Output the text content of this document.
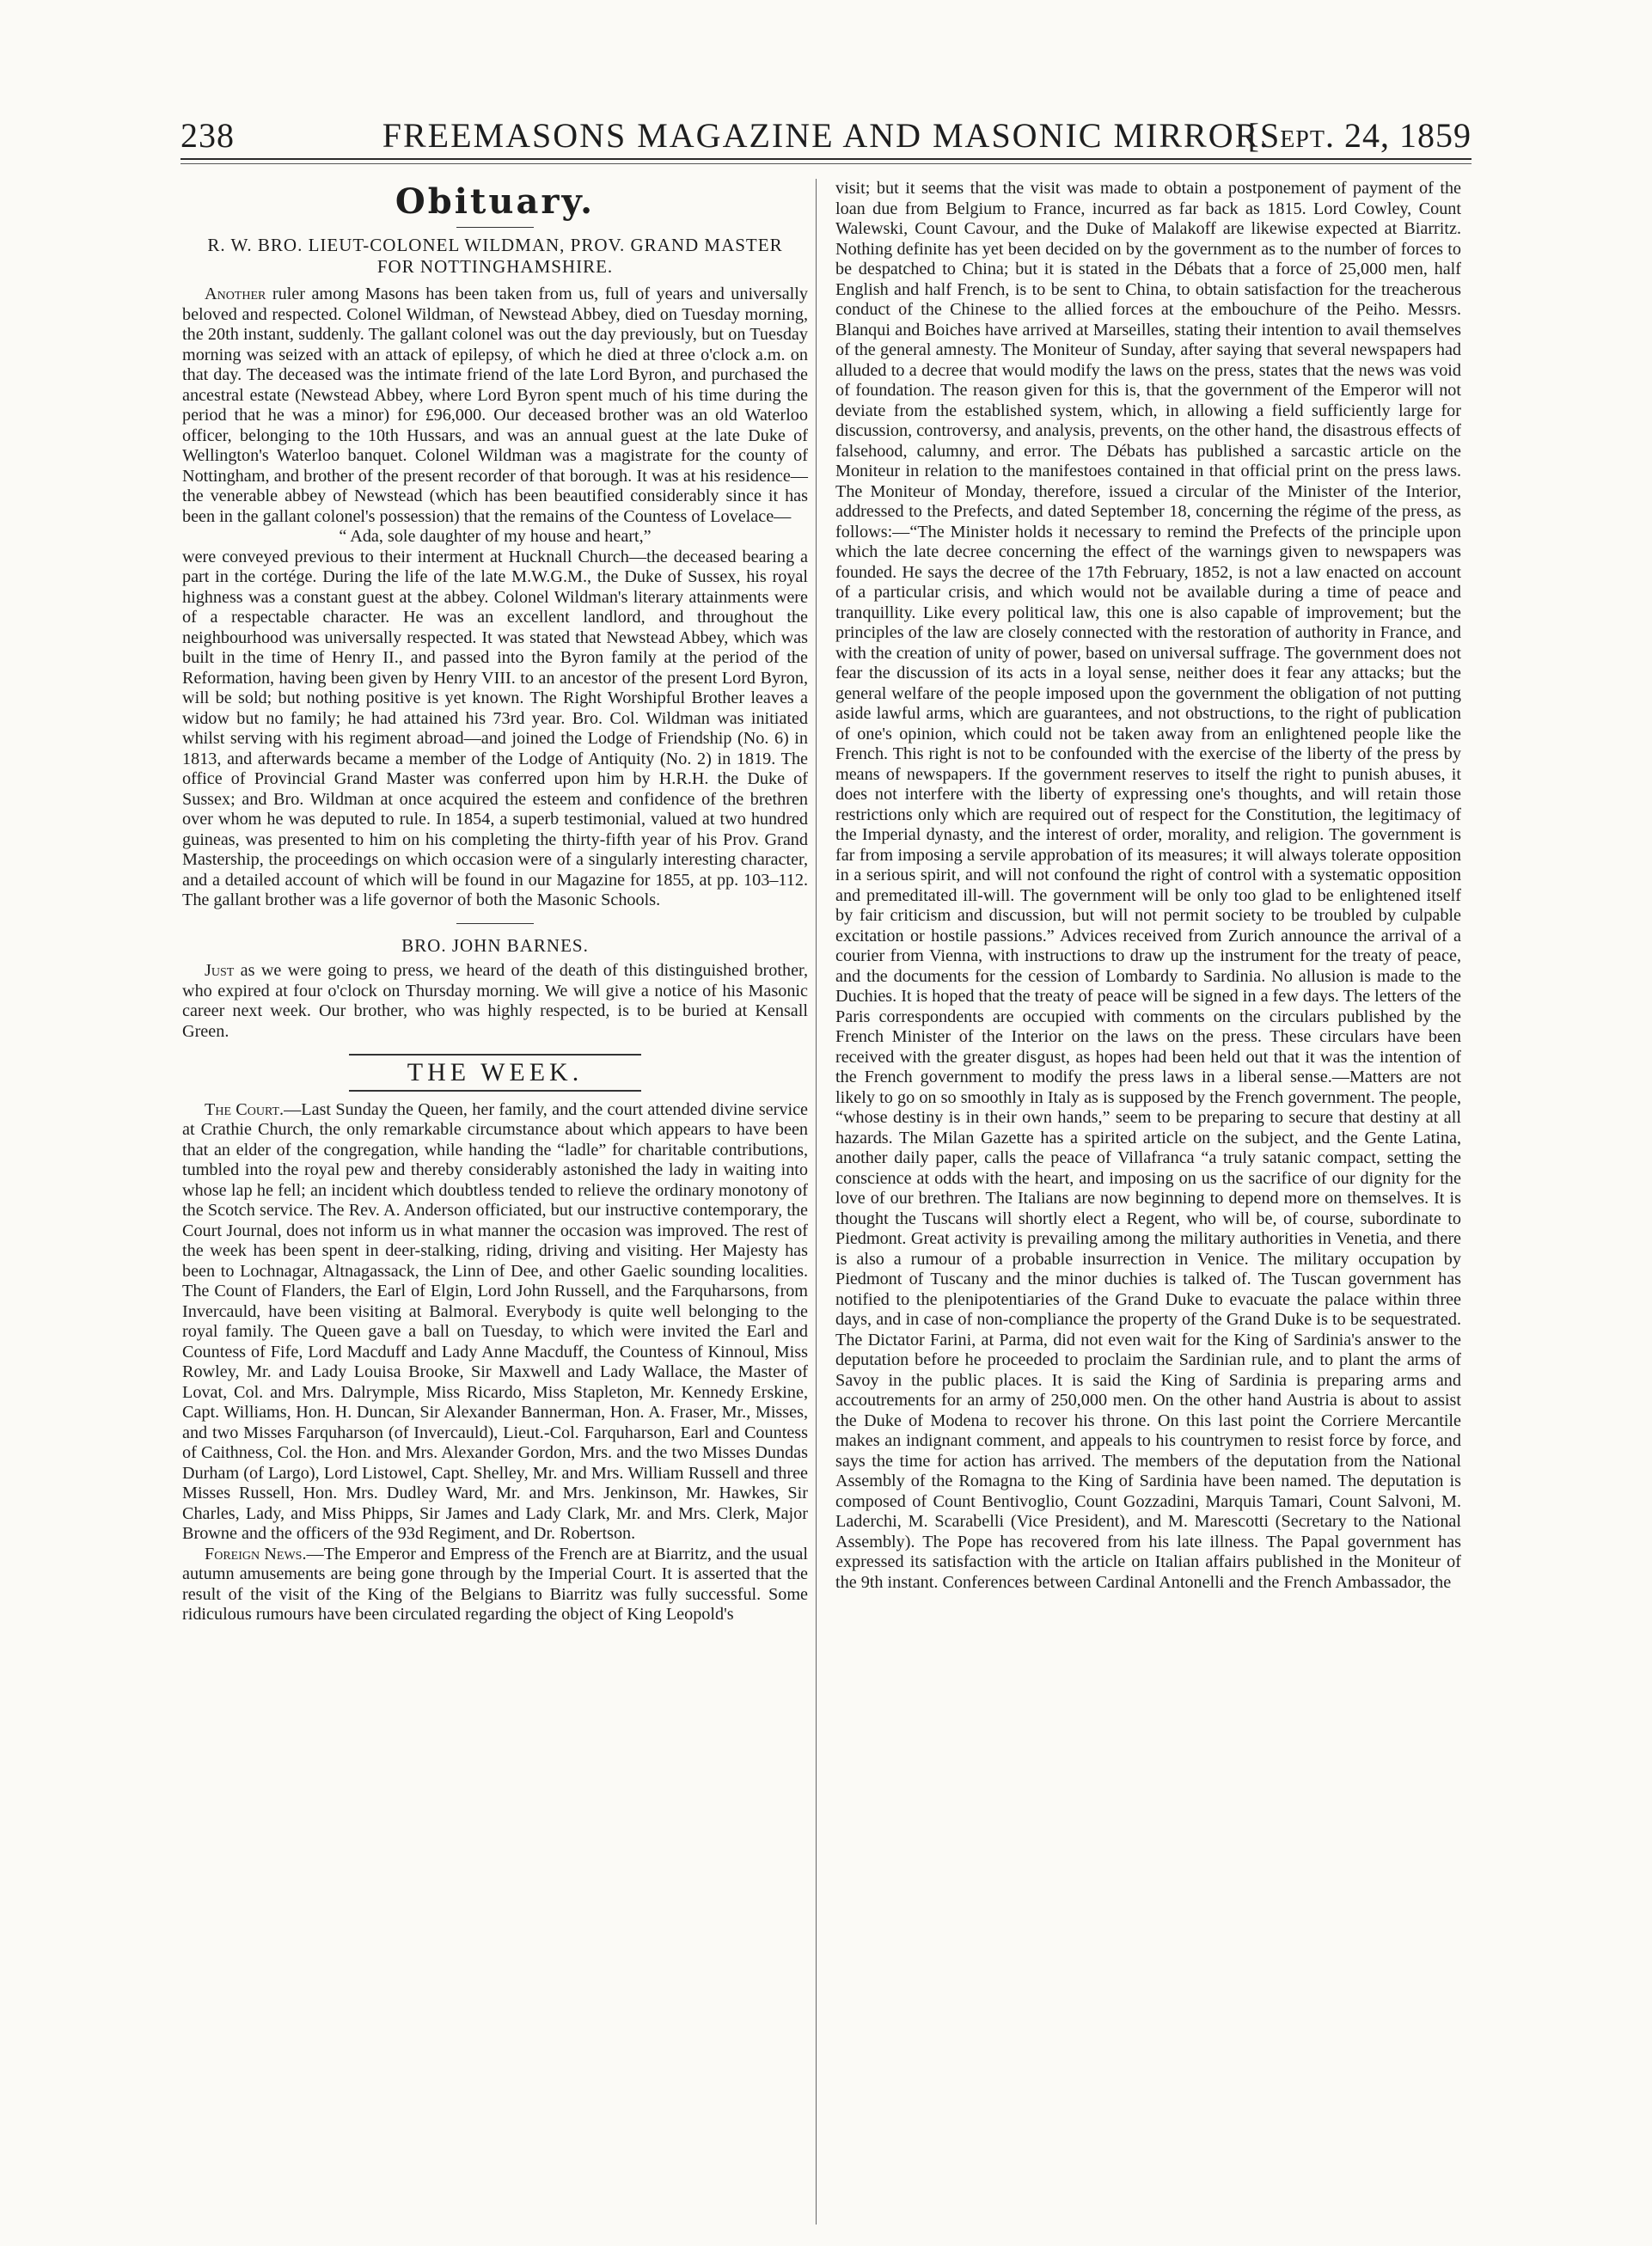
238	FREEMASONS MAGAZINE AND MASONIC MIRROR.
[Sept. 24, 1859
Obituary.
R. W. BRO. LIEUT-COLONEL WILDMAN, PROV. GRAND MASTER FOR NOTTINGHAMSHIRE.

Another ruler among Masons has been taken from us, full of years and universally beloved and respected. Colonel Wildman, of Newstead Abbey, died on Tuesday morning, the 20th instant, suddenly. The gallant colonel was out the day previously, but on Tuesday morning was seized with an attack of epilepsy, of which he died at three o'clock a.m. on that day. The deceased was the intimate friend of the late Lord Byron, and purchased the ancestral estate (Newstead Abbey, where Lord Byron spent much of his time during the period that he was a minor) for £96,000. Our deceased brother was an old Waterloo officer, belonging to the 10th Hussars, and was an annual guest at the late Duke of Wellington's Waterloo banquet. Colonel Wildman was a magistrate for the county of Nottingham, and brother of the present recorder of that borough. It was at his residence—the venerable abbey of Newstead (which has been beautified considerably since it has been in the gallant colonel's possession) that the remains of the Countess of Lovelace—

“ Ada, sole daughter of my house and heart,”

were conveyed previous to their interment at Hucknall Church—the deceased bearing a part in the cortége. During the life of the late M.W.G.M., the Duke of Sussex, his royal highness was a constant guest at the abbey. Colonel Wildman's literary attainments were of a respectable character. He was an excellent landlord, and throughout the neighbourhood was universally respected. It was stated that Newstead Abbey, which was built in the time of Henry II., and passed into the Byron family at the period of the Reformation, having been given by Henry VIII. to an ancestor of the present Lord Byron, will be sold; but nothing positive is yet known. The Right Worshipful Brother leaves a widow but no family; he had attained his 73rd year. Bro. Col. Wildman was initiated whilst serving with his regiment abroad—and joined the Lodge of Friendship (No. 6) in 1813, and afterwards became a member of the Lodge of Antiquity (No. 2) in 1819. The office of Provincial Grand Master was conferred upon him by H.R.H. the Duke of Sussex; and Bro. Wildman at once acquired the esteem and confidence of the brethren over whom he was deputed to rule. In 1854, a superb testimonial, valued at two hundred guineas, was presented to him on his completing the thirty-fifth year of his Prov. Grand Mastership, the proceedings on which occasion were of a singularly interesting character, and a detailed account of which will be found in our Magazine for 1855, at pp. 103–112. The gallant brother was a life governor of both the Masonic Schools.

BRO. JOHN BARNES.

Just as we were going to press, we heard of the death of this distinguished brother, who expired at four o'clock on Thursday morning. We will give a notice of his Masonic career next week. Our brother, who was highly respected, is to be buried at Kensall Green.

THE WEEK.

The Court.—Last Sunday the Queen, her family, and the court attended divine service at Crathie Church, the only remarkable circumstance about which appears to have been that an elder of the congregation, while handing the “ladle” for charitable contributions, tumbled into the royal pew and thereby considerably astonished the lady in waiting into whose lap he fell; an incident which doubtless tended to relieve the ordinary monotony of the Scotch service. The Rev. A. Anderson officiated, but our instructive contemporary, the Court Journal, does not inform us in what manner the occasion was improved. The rest of the week has been spent in deer-stalking, riding, driving and visiting. Her Majesty has been to Lochnagar, Altnagassack, the Linn of Dee, and other Gaelic sounding localities. The Count of Flanders, the Earl of Elgin, Lord John Russell, and the Farquharsons, from Invercauld, have been visiting at Balmoral. Everybody is quite well belonging to the royal family. The Queen gave a ball on Tuesday, to which were invited the Earl and Countess of Fife, Lord Macduff and Lady Anne Macduff, the Countess of Kinnoul, Miss Rowley, Mr. and Lady Louisa Brooke, Sir Maxwell and Lady Wallace, the Master of Lovat, Col. and Mrs. Dalrymple, Miss Ricardo, Miss Stapleton, Mr. Kennedy Erskine, Capt. Williams, Hon. H. Duncan, Sir Alexander Bannerman, Hon. A. Fraser, Mr., Misses, and two Misses Farquharson (of Invercauld), Lieut.-Col. Farquharson, Earl and Countess of Caithness, Col. the Hon. and Mrs. Alexander Gordon, Mrs. and the two Misses Dundas Durham (of Largo), Lord Listowel, Capt. Shelley, Mr. and Mrs. William Russell and three Misses Russell, Hon. Mrs. Dudley Ward, Mr. and Mrs. Jenkinson, Mr. Hawkes, Sir Charles, Lady, and Miss Phipps, Sir James and Lady Clark, Mr. and Mrs. Clerk, Major Browne and the officers of the 93d Regiment, and Dr. Robertson.

Foreign News.—The Emperor and Empress of the French are at Biarritz, and the usual autumn amusements are being gone through by the Imperial Court. It is asserted that the result of the visit of the King of the Belgians to Biarritz was fully successful. Some ridiculous rumours have been circulated regarding the object of King Leopold's

visit; but it seems that the visit was made to obtain a postponement of payment of the loan due from Belgium to France, incurred as far back as 1815. Lord Cowley, Count Walewski, Count Cavour, and the Duke of Malakoff are likewise expected at Biarritz. Nothing definite has yet been decided on by the government as to the number of forces to be despatched to China; but it is stated in the Débats that a force of 25,000 men, half English and half French, is to be sent to China, to obtain satisfaction for the treacherous conduct of the Chinese to the allied forces at the embouchure of the Peiho. Messrs. Blanqui and Boiches have arrived at Marseilles, stating their intention to avail themselves of the general amnesty. The Moniteur of Sunday, after saying that several newspapers had alluded to a decree that would modify the laws on the press, states that the news was void of foundation. The reason given for this is, that the government of the Emperor will not deviate from the established system, which, in allowing a field sufficiently large for discussion, controversy, and analysis, prevents, on the other hand, the disastrous effects of falsehood, calumny, and error. The Débats has published a sarcastic article on the Moniteur in relation to the manifestoes contained in that official print on the press laws. The Moniteur of Monday, therefore, issued a circular of the Minister of the Interior, addressed to the Prefects, and dated September 18, concerning the régime of the press, as follows:—“The Minister holds it necessary to remind the Prefects of the principle upon which the late decree concerning the effect of the warnings given to newspapers was founded. He says the decree of the 17th February, 1852, is not a law enacted on account of a particular crisis, and which would not be available during a time of peace and tranquillity. Like every political law, this one is also capable of improvement; but the principles of the law are closely connected with the restoration of authority in France, and with the creation of unity of power, based on universal suffrage. The government does not fear the discussion of its acts in a loyal sense, neither does it fear any attacks; but the general welfare of the people imposed upon the government the obligation of not putting aside lawful arms, which are guarantees, and not obstructions, to the right of publication of one's opinion, which could not be taken away from an enlightened people like the French. This right is not to be confounded with the exercise of the liberty of the press by means of newspapers. If the government reserves to itself the right to punish abuses, it does not interfere with the liberty of expressing one's thoughts, and will retain those restrictions only which are required out of respect for the Constitution, the legitimacy of the Imperial dynasty, and the interest of order, morality, and religion. The government is far from imposing a servile approbation of its measures; it will always tolerate opposition in a serious spirit, and will not confound the right of control with a systematic opposition and premeditated ill-will. The government will be only too glad to be enlightened itself by fair criticism and discussion, but will not permit society to be troubled by culpable excitation or hostile passions.” Advices received from Zurich announce the arrival of a courier from Vienna, with instructions to draw up the instrument for the treaty of peace, and the documents for the cession of Lombardy to Sardinia. No allusion is made to the Duchies. It is hoped that the treaty of peace will be signed in a few days. The letters of the Paris correspondents are occupied with comments on the circulars published by the French Minister of the Interior on the laws on the press. These circulars have been received with the greater disgust, as hopes had been held out that it was the intention of the French government to modify the press laws in a liberal sense.—Matters are not likely to go on so smoothly in Italy as is supposed by the French government. The people, “whose destiny is in their own hands,” seem to be preparing to secure that destiny at all hazards. The Milan Gazette has a spirited article on the subject, and the Gente Latina, another daily paper, calls the peace of Villafranca “a truly satanic compact, setting the conscience at odds with the heart, and imposing on us the sacrifice of our dignity for the love of our brethren. The Italians are now beginning to depend more on themselves. It is thought the Tuscans will shortly elect a Regent, who will be, of course, subordinate to Piedmont. Great activity is prevailing among the military authorities in Venetia, and there is also a rumour of a probable insurrection in Venice. The military occupation by Piedmont of Tuscany and the minor duchies is talked of. The Tuscan government has notified to the plenipotentiaries of the Grand Duke to evacuate the palace within three days, and in case of non-compliance the property of the Grand Duke is to be sequestrated. The Dictator Farini, at Parma, did not even wait for the King of Sardinia's answer to the deputation before he proceeded to proclaim the Sardinian rule, and to plant the arms of Savoy in the public places. It is said the King of Sardinia is preparing arms and accoutrements for an army of 250,000 men. On the other hand Austria is about to assist the Duke of Modena to recover his throne. On this last point the Corriere Mercantile makes an indignant comment, and appeals to his countrymen to resist force by force, and says the time for action has arrived. The members of the deputation from the National Assembly of the Romagna to the King of Sardinia have been named. The deputation is composed of Count Bentivoglio, Count Gozzadini, Marquis Tamari, Count Salvoni, M. Laderchi, M. Scarabelli (Vice President), and M. Marescotti (Secretary to the National Assembly). The Pope has recovered from his late illness. The Papal government has expressed its satisfaction with the article on Italian affairs published in the Moniteur of the 9th instant. Conferences between Cardinal Antonelli and the French Ambassador, the
